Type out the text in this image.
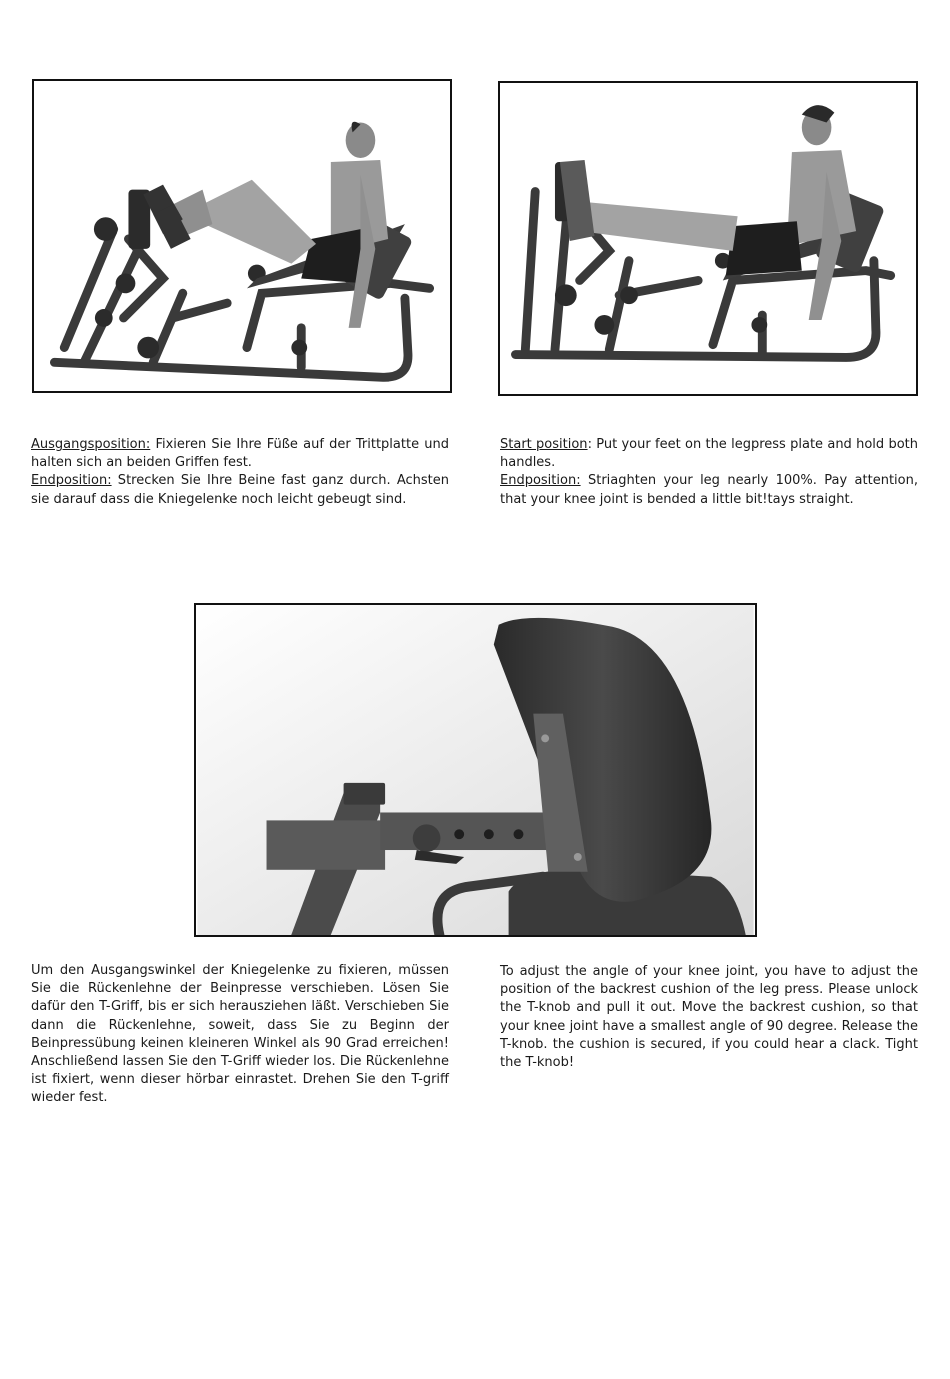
Ausgangsposition: Fixieren Sie Ihre Füße auf der Trittplatte und halten sich an beiden Griffen fest.

Endposition: Strecken Sie Ihre Beine fast ganz durch. Achsten sie darauf dass die Kniegelenke noch leicht gebeugt sind.

Start position: Put your feet on the legpress plate and hold both handles.

Endposition: Striaghten your leg nearly 100%. Pay attention, that your knee joint is bended a little bit!tays straight.

Um den Ausgangswinkel der Kniegelenke zu fixieren, müssen Sie die Rückenlehne der Beinpresse verschieben. Lösen Sie dafür den T-Griff, bis er sich herausziehen läßt. Verschieben Sie dann die Rückenlehne, soweit, dass Sie zu Beginn der Beinpressübung keinen kleineren Winkel als 90 Grad erreichen! Anschließend lassen Sie den T-Griff wieder los. Die Rückenlehne ist fixiert, wenn dieser hörbar einrastet. Drehen Sie den T-griff wieder fest.

To adjust the angle of your knee joint, you have to adjust the position of the backrest cushion of the leg press. Please unlock the T-knob and pull it out. Move the backrest cushion, so that your knee joint have a smallest angle of 90 degree. Release the T-knob. the cushion is secured, if you could hear a clack. Tight the T-knob!
